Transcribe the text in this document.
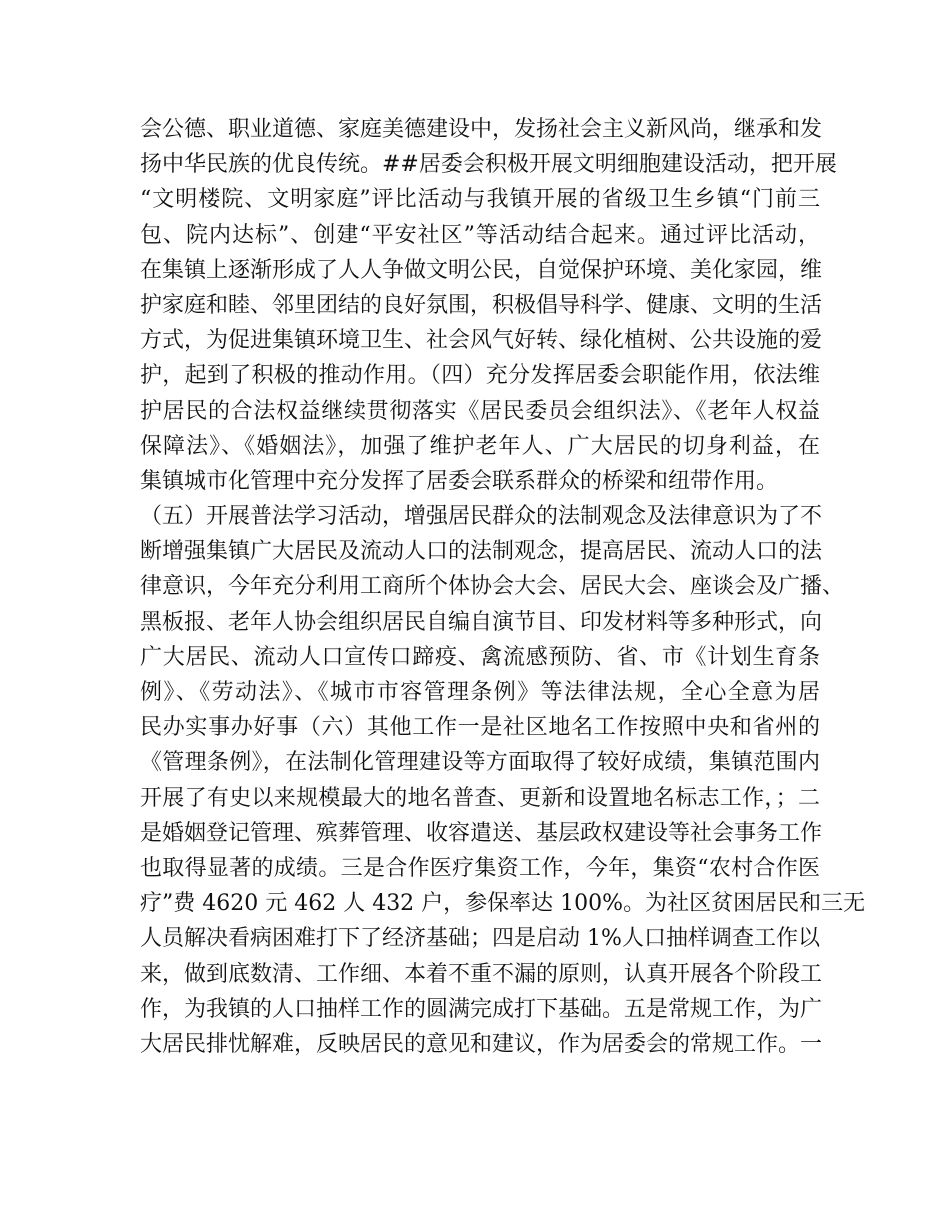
会公德、职业道德、家庭美德建设中，发扬社会主义新风尚，继承和发
扬中华民族的优良传统。##居委会积极开展文明细胞建设活动，把开展
“文明楼院、文明家庭”评比活动与我镇开展的省级卫生乡镇“门前三
包、院内达标”、创建“平安社区”等活动结合起来。通过评比活动，
在集镇上逐渐形成了人人争做文明公民，自觉保护环境、美化家园，维
护家庭和睦、邻里团结的良好氛围，积极倡导科学、健康、文明的生活
方式，为促进集镇环境卫生、社会风气好转、绿化植树、公共设施的爱
护，起到了积极的推动作用。（四）充分发挥居委会职能作用，依法维
护居民的合法权益继续贯彻落实《居民委员会组织法》、《老年人权益
保障法》、《婚姻法》，加强了维护老年人、广大居民的切身利益，在
集镇城市化管理中充分发挥了居委会联系群众的桥梁和纽带作用。
（五）开展普法学习活动，增强居民群众的法制观念及法律意识为了不
断增强集镇广大居民及流动人口的法制观念，提高居民、流动人口的法
律意识，今年充分利用工商所个体协会大会、居民大会、座谈会及广播、
黑板报、老年人协会组织居民自编自演节目、印发材料等多种形式，向
广大居民、流动人口宣传口蹄疫、禽流感预防、省、市《计划生育条
例》、《劳动法》、《城市市容管理条例》等法律法规，全心全意为居
民办实事办好事（六）其他工作一是社区地名工作按照中央和省州的
《管理条例》，在法制化管理建设等方面取得了较好成绩，集镇范围内
开展了有史以来规模最大的地名普查、更新和设置地名标志工作，；二
是婚姻登记管理、殡葬管理、收容遣送、基层政权建设等社会事务工作
也取得显著的成绩。三是合作医疗集资工作，今年，集资“农村合作医
疗”费 4620 元 462 人 432 户，参保率达 100%。为社区贫困居民和三无
人员解决看病困难打下了经济基础；四是启动 1%人口抽样调查工作以
来，做到底数清、工作细、本着不重不漏的原则，认真开展各个阶段工
作，为我镇的人口抽样工作的圆满完成打下基础。五是常规工作，为广
大居民排忧解难，反映居民的意见和建议，作为居委会的常规工作。一
